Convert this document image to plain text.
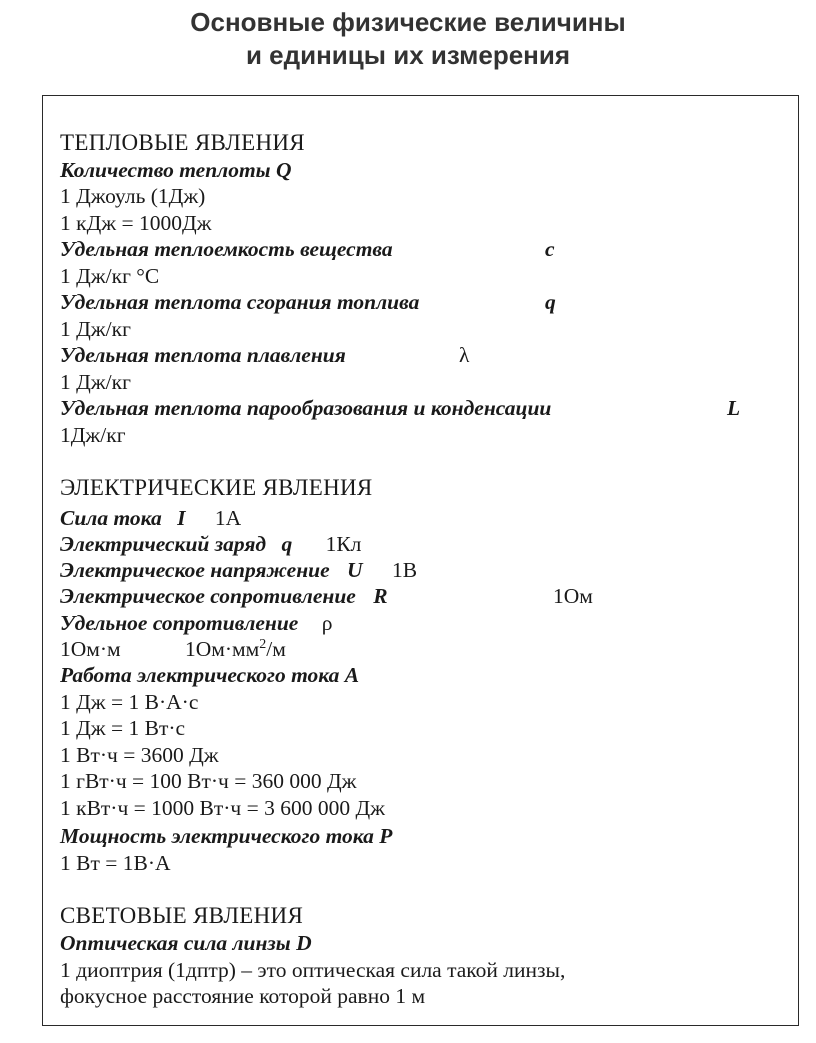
Основные физические величины
и единицы их измерения
ТЕПЛОВЫЕ ЯВЛЕНИЯ
Количество теплоты Q
1 Джоуль (1Дж)
1 кДж = 1000Дж
Удельная теплоемкость вещества	c
1 Дж/кг °С
Удельная теплота сгорания топлива	q
1 Дж/кг
Удельная теплота плавления	λ
1 Дж/кг
Удельная теплота парообразования и конденсации	L
1Дж/кг
ЭЛЕКТРИЧЕСКИЕ ЯВЛЕНИЯ
Сила тока I 1А
Электрический заряд q 1Кл
Электрическое напряжение U 1В
Электрическое сопротивление R	1Ом
Удельное сопротивление ρ
1Ом·м	$1Ом\cdot мм^2/м$
Работа электрического тока A
1 Дж = 1 В·А·с
1 Дж = 1 Вт·с
1 Вт·ч = 3600 Дж
1 гВт·ч = 100 Вт·ч = 360 000 Дж
1 кВт·ч = 1000 Вт·ч = 3 600 000 Дж
Мощность электрического тока P
1 Вт = 1В·А
СВЕТОВЫЕ ЯВЛЕНИЯ
Оптическая сила линзы D
1 диоптрия (1дптр) – это оптическая сила такой линзы,
фокусное расстояние которой равно 1 м
